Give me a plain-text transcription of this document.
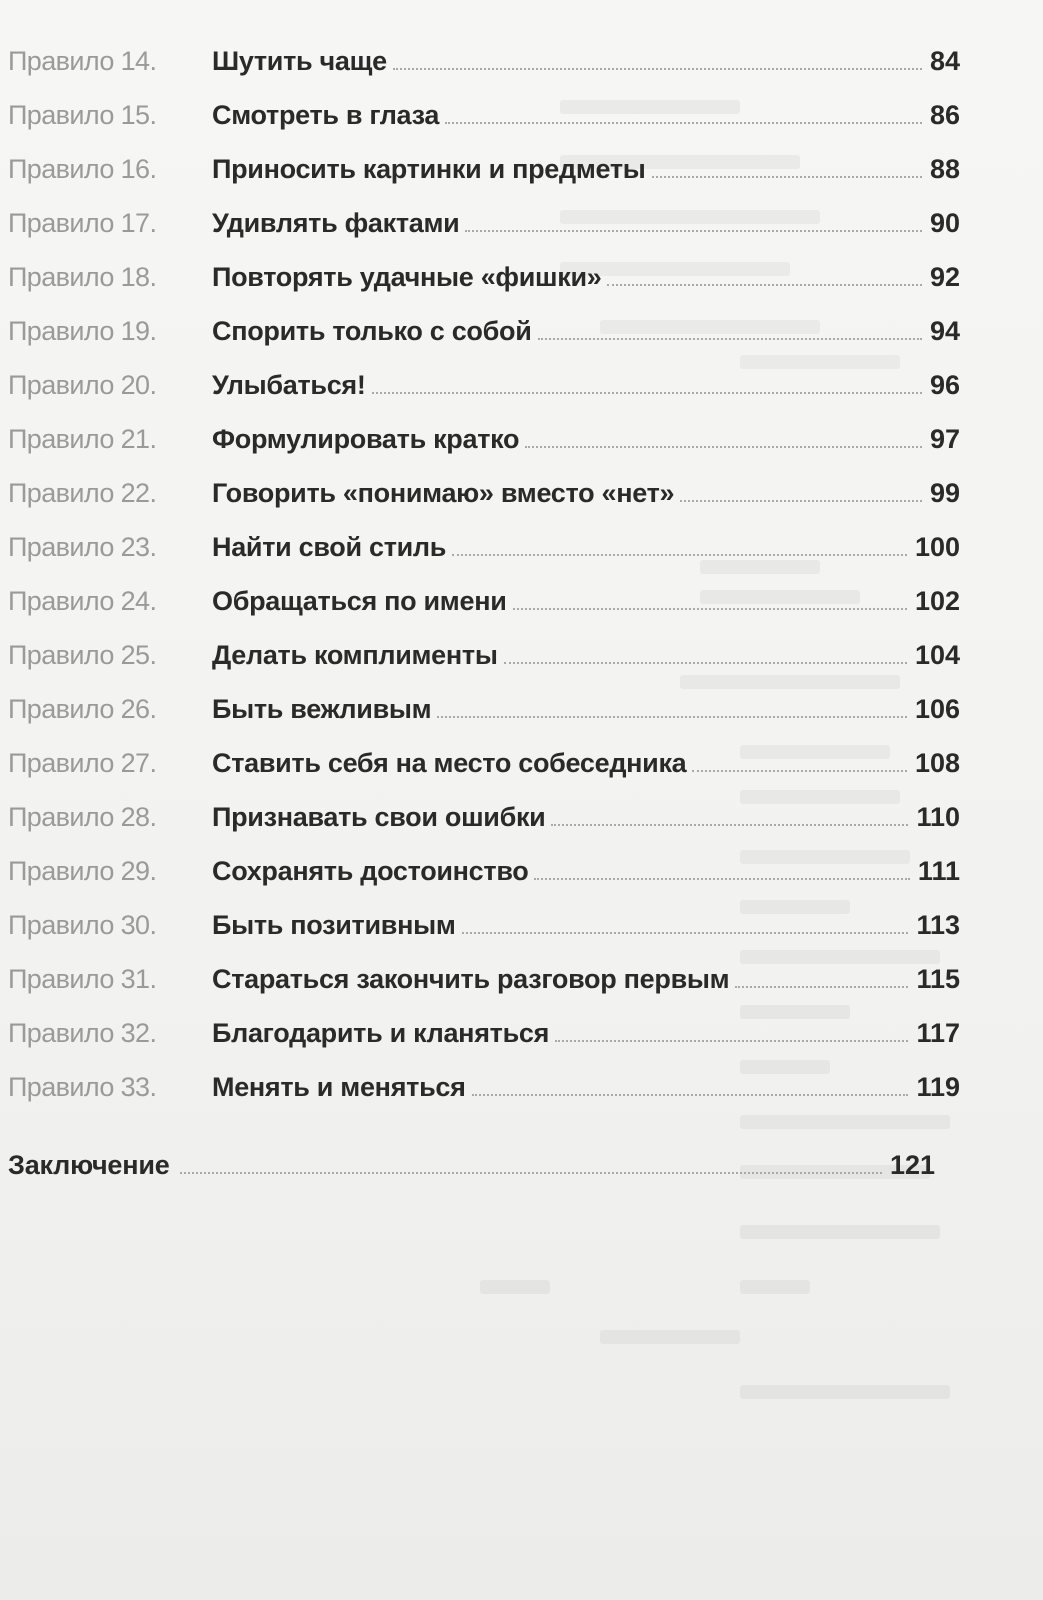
Правило 14. Шутить чаще	84
Правило 15. Смотреть в глаза	86
Правило 16. Приносить картинки и предметы	88
Правило 17. Удивлять фактами	90
Правило 18. Повторять удачные «фишки»	92
Правило 19. Спорить только с собой	94
Правило 20. Улыбаться!	96
Правило 21. Формулировать кратко	97
Правило 22. Говорить «понимаю» вместо «нет»	99
Правило 23. Найти свой стиль	100
Правило 24. Обращаться по имени	102
Правило 25. Делать комплименты	104
Правило 26. Быть вежливым	106
Правило 27. Ставить себя на место собеседника	108
Правило 28. Признавать свои ошибки	110
Правило 29. Сохранять достоинство	111
Правило 30. Быть позитивным	113
Правило 31. Стараться закончить разговор первым	115
Правило 32. Благодарить и кланяться	117
Правило 33. Менять и меняться	119
Заключение	121
